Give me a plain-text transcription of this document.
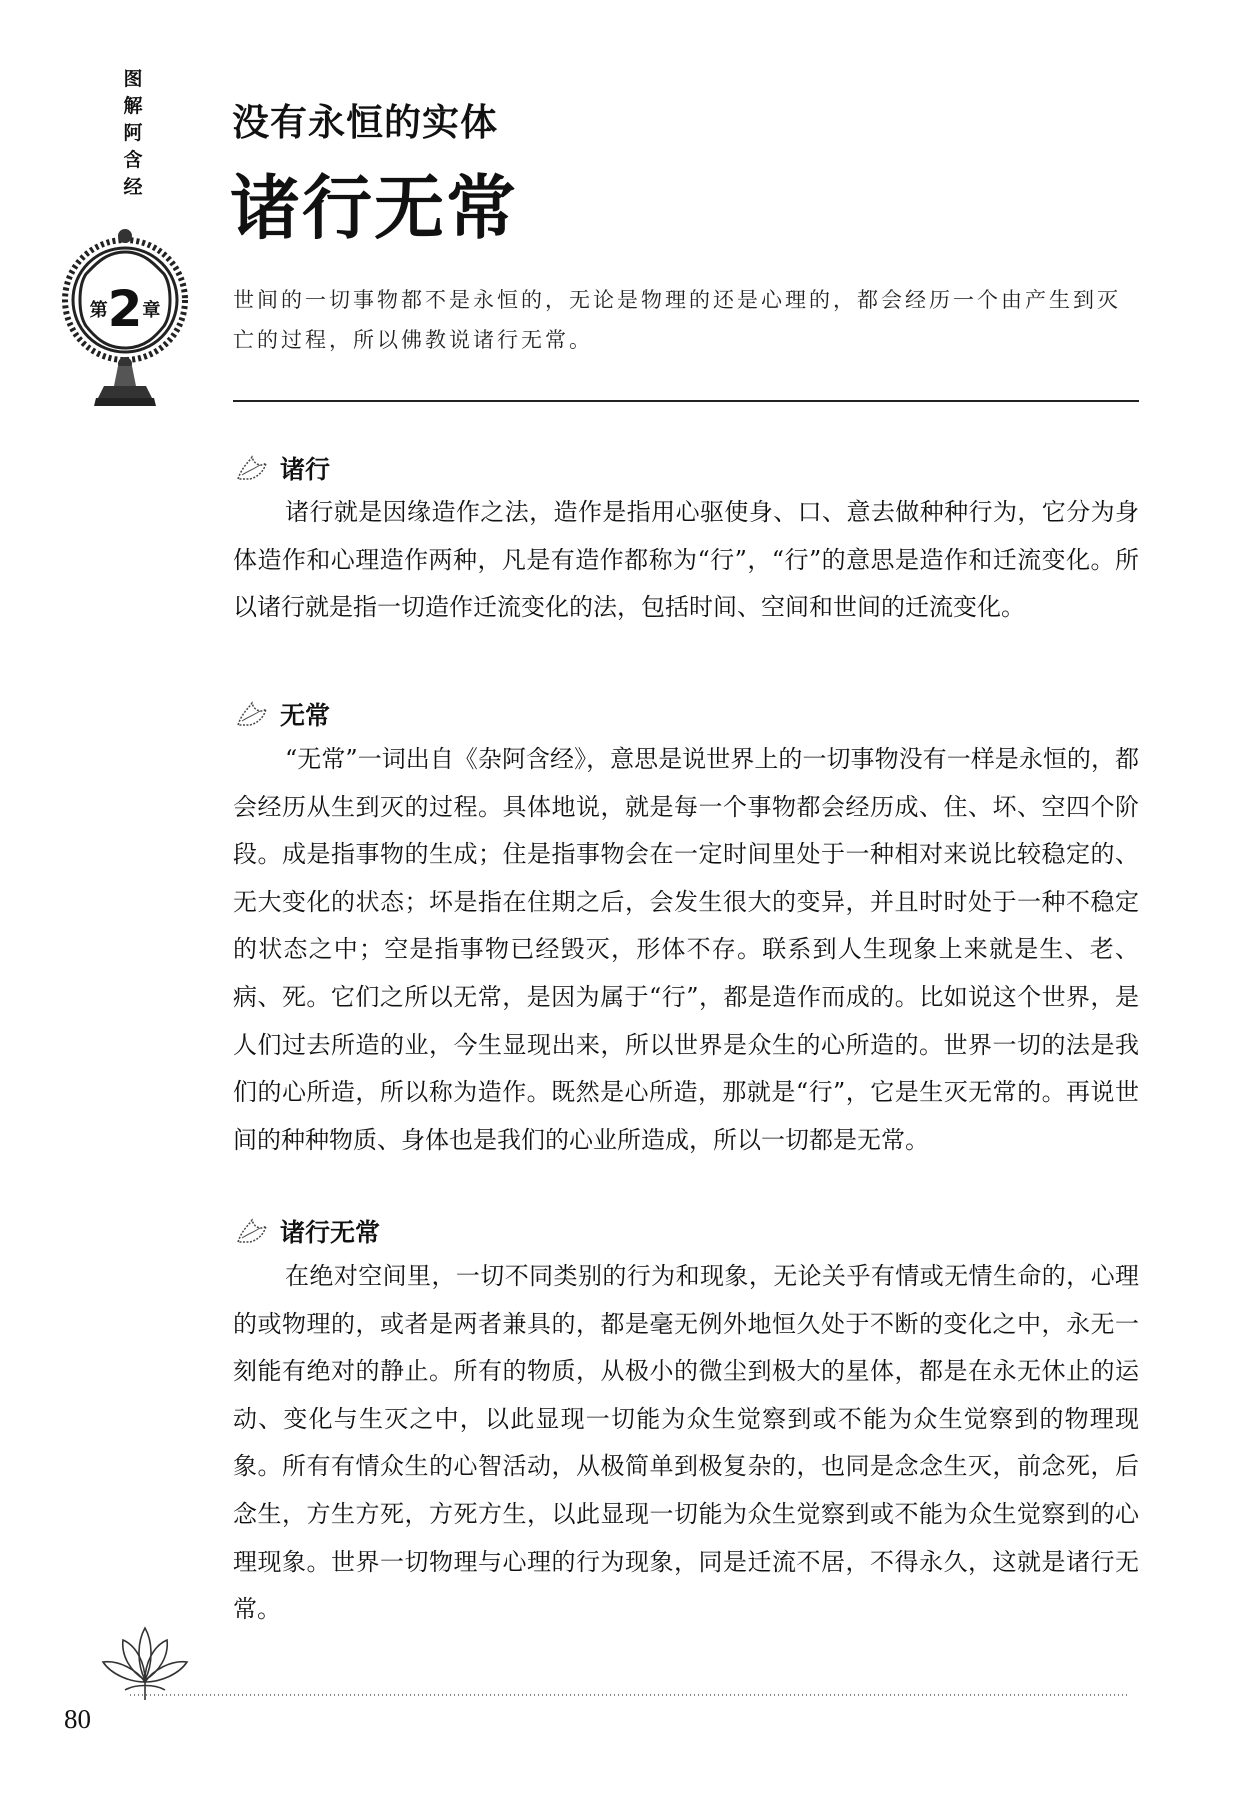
图
解
阿
含
经
第2章
没有永恒的实体
诸行无常
世间的一切事物都不是永恒的，无论是物理的还是心理的，都会经历一个由产生到灭亡的过程，所以佛教说诸行无常。
诸行
诸行就是因缘造作之法，造作是指用心驱使身、口、意去做种种行为，它分为身体造作和心理造作两种，凡是有造作都称为“行”，“行”的意思是造作和迁流变化。所以诸行就是指一切造作迁流变化的法，包括时间、空间和世间的迁流变化。
无常
“无常”一词出自《杂阿含经》，意思是说世界上的一切事物没有一样是永恒的，都会经历从生到灭的过程。具体地说，就是每一个事物都会经历成、住、坏、空四个阶段。成是指事物的生成；住是指事物会在一定时间里处于一种相对来说比较稳定的、无大变化的状态；坏是指在住期之后，会发生很大的变异，并且时时处于一种不稳定的状态之中；空是指事物已经毁灭，形体不存。联系到人生现象上来就是生、老、病、死。它们之所以无常，是因为属于“行”，都是造作而成的。比如说这个世界，是人们过去所造的业，今生显现出来，所以世界是众生的心所造的。世界一切的法是我们的心所造，所以称为造作。既然是心所造，那就是“行”，它是生灭无常的。再说世间的种种物质、身体也是我们的心业所造成，所以一切都是无常。
诸行无常
在绝对空间里，一切不同类别的行为和现象，无论关乎有情或无情生命的，心理的或物理的，或者是两者兼具的，都是毫无例外地恒久处于不断的变化之中，永无一刻能有绝对的静止。所有的物质，从极小的微尘到极大的星体，都是在永无休止的运动、变化与生灭之中，以此显现一切能为众生觉察到或不能为众生觉察到的物理现象。所有有情众生的心智活动，从极简单到极复杂的，也同是念念生灭，前念死，后念生，方生方死，方死方生，以此显现一切能为众生觉察到或不能为众生觉察到的心理现象。世界一切物理与心理的行为现象，同是迁流不居，不得永久，这就是诸行无常。
80
